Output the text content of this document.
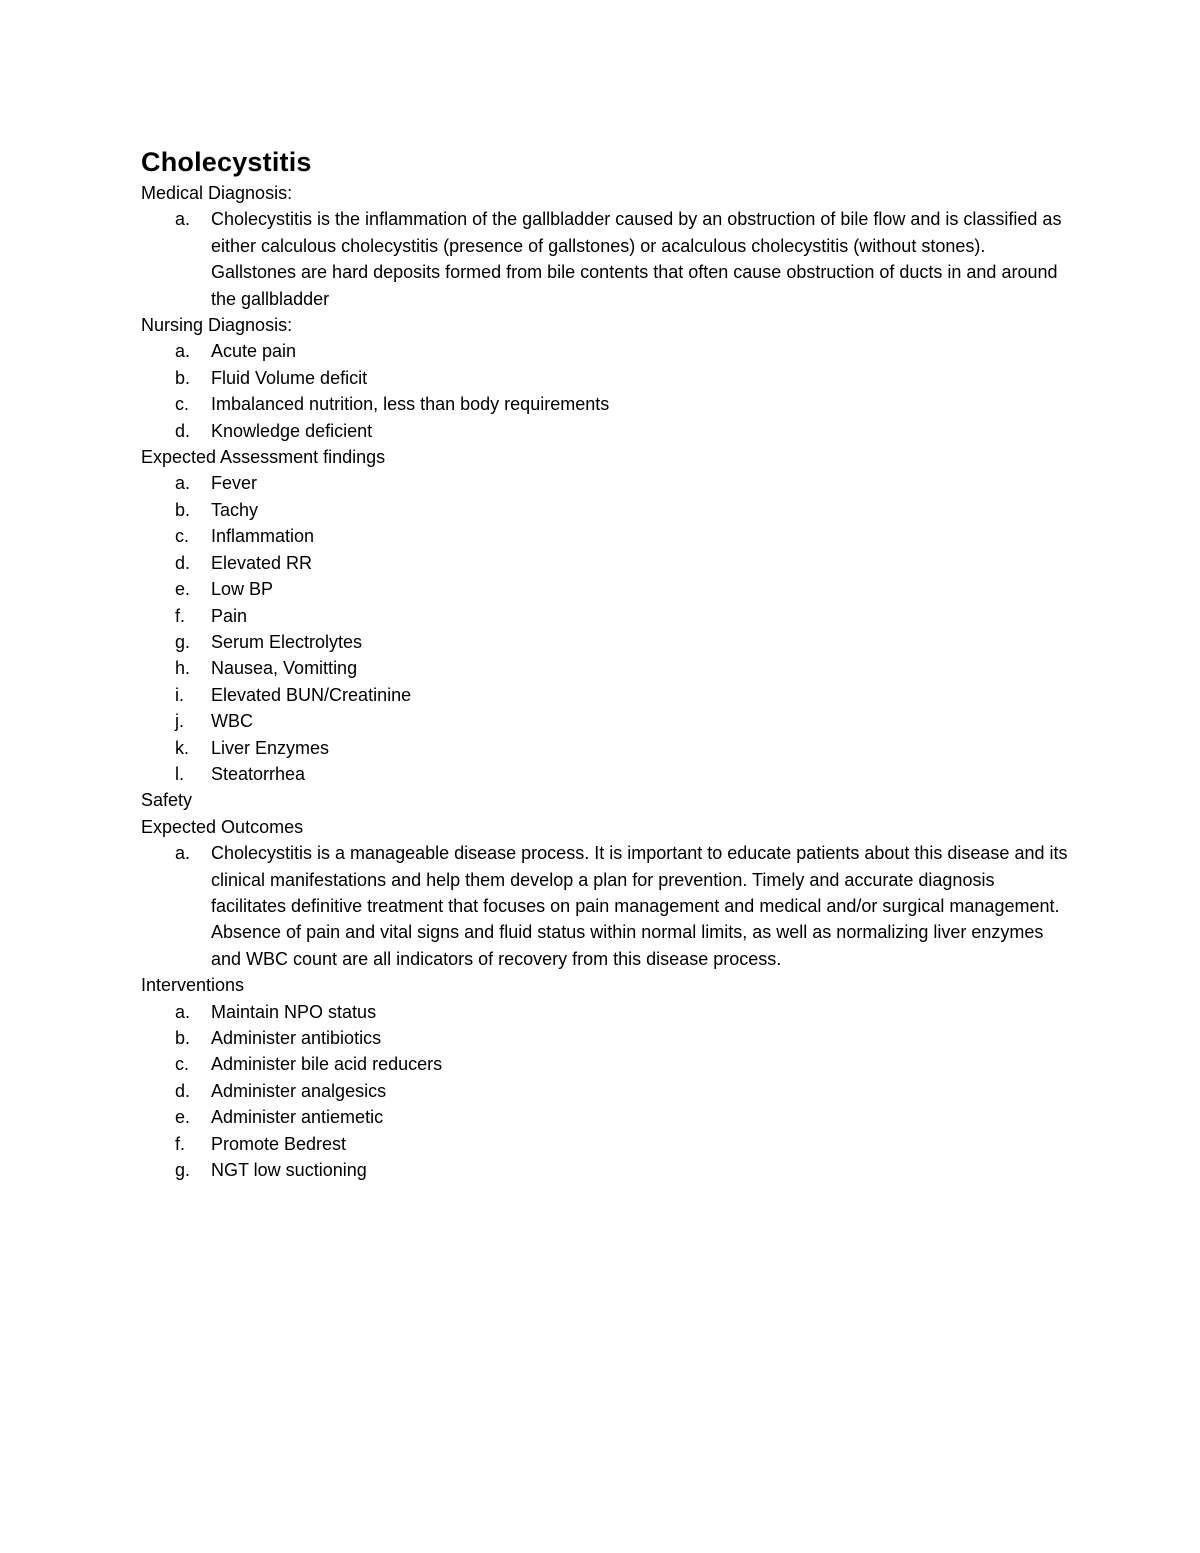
Cholecystitis
Medical Diagnosis:
a. Cholecystitis is the inflammation of the gallbladder caused by an obstruction of bile flow and is classified as either calculous cholecystitis (presence of gallstones) or acalculous cholecystitis (without stones). Gallstones are hard deposits formed from bile contents that often cause obstruction of ducts in and around the gallbladder
Nursing Diagnosis:
a. Acute pain
b. Fluid Volume deficit
c. Imbalanced nutrition, less than body requirements
d. Knowledge deficient
Expected Assessment findings
a. Fever
b. Tachy
c. Inflammation
d. Elevated RR
e. Low BP
f. Pain
g. Serum Electrolytes
h. Nausea, Vomitting
i. Elevated BUN/Creatinine
j. WBC
k. Liver Enzymes
l. Steatorrhea
Safety
Expected Outcomes
a. Cholecystitis is a manageable disease process. It is important to educate patients about this disease and its clinical manifestations and help them develop a plan for prevention. Timely and accurate diagnosis facilitates definitive treatment that focuses on pain management and medical and/or surgical management. Absence of pain and vital signs and fluid status within normal limits, as well as normalizing liver enzymes and WBC count are all indicators of recovery from this disease process.
Interventions
a. Maintain NPO status
b. Administer antibiotics
c. Administer bile acid reducers
d. Administer analgesics
e. Administer antiemetic
f. Promote Bedrest
g. NGT low suctioning
